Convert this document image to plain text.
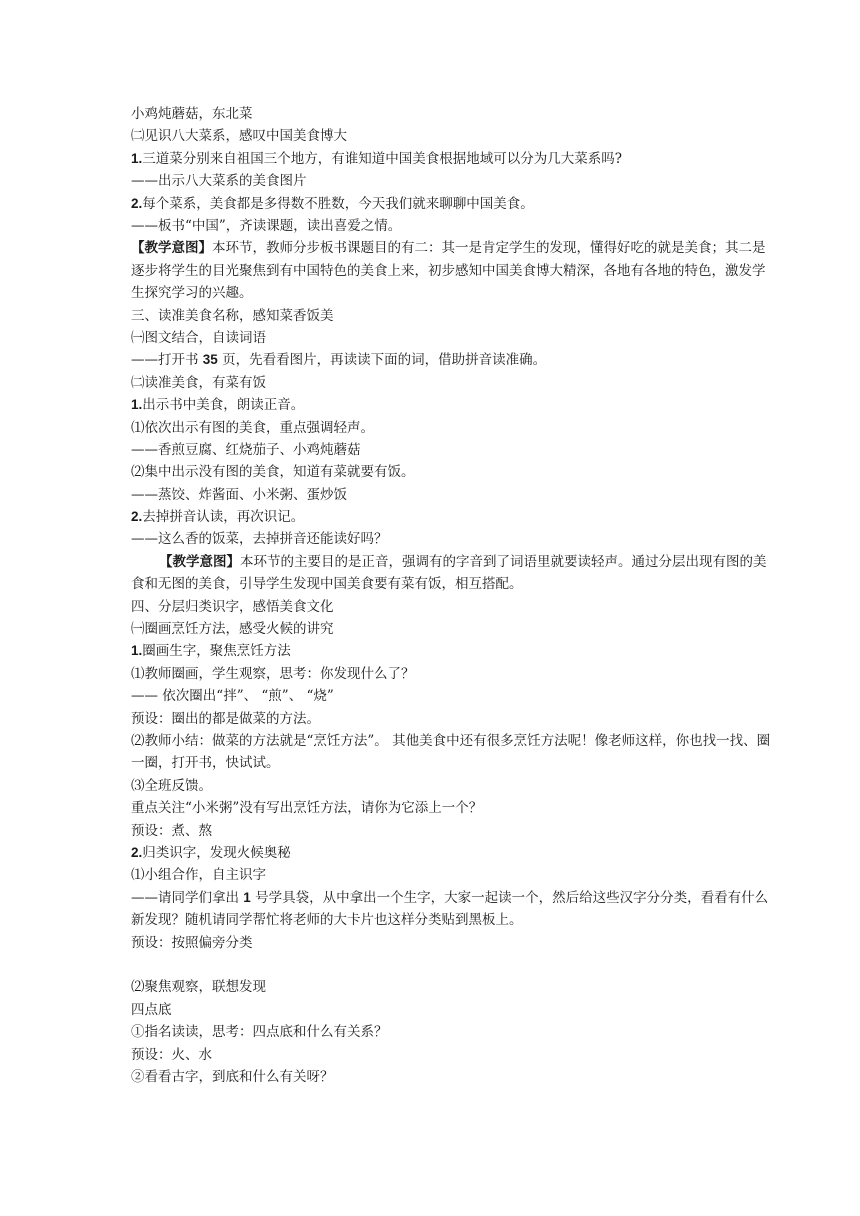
小鸡炖蘑菇，东北菜
㈡见识八大菜系，感叹中国美食博大
1.三道菜分别来自祖国三个地方，有谁知道中国美食根据地域可以分为几大菜系吗?
——出示八大菜系的美食图片
2.每个菜系，美食都是多得数不胜数，今天我们就来聊聊中国美食。
——板书“中国”，齐读课题，读出喜爱之情。
【教学意图】本环节，教师分步板书课题目的有二：其一是肯定学生的发现，懂得好吃的就是美食；其二是逐步将学生的目光聚焦到有中国特色的美食上来，初步感知中国美食博大精深，各地有各地的特色，激发学生探究学习的兴趣。
三、读准美食名称，感知菜香饭美
㈠图文结合，自读词语
——打开书 35 页，先看看图片，再读读下面的词，借助拼音读准确。
㈡读准美食，有菜有饭
1.出示书中美食，朗读正音。
⑴依次出示有图的美食，重点强调轻声。
——香煎豆腐、红烧茄子、小鸡炖蘑菇
⑵集中出示没有图的美食，知道有菜就要有饭。
——蒸饺、炸酱面、小米粥、蛋炒饭
2.去掉拼音认读，再次识记。
——这么香的饭菜，去掉拼音还能读好吗？
【教学意图】本环节的主要目的是正音，强调有的字音到了词语里就要读轻声。通过分层出现有图的美食和无图的美食，引导学生发现中国美食要有菜有饭，相互搭配。
四、分层归类识字，感悟美食文化
㈠圈画烹饪方法，感受火候的讲究
1.圈画生字，聚焦烹饪方法
⑴教师圈画，学生观察，思考：你发现什么了？
—— 依次圈出“拌”、 “煎”、 “烧”
预设：圈出的都是做菜的方法。
⑵教师小结：做菜的方法就是“烹饪方法”。 其他美食中还有很多烹饪方法呢！像老师这样，你也找一找、圈一圈，打开书，快试试。
⑶全班反馈。
重点关注“小米粥”没有写出烹饪方法，请你为它添上一个？
预设：煮、熬
2.归类识字，发现火候奥秘
⑴小组合作，自主识字
——请同学们拿出 1 号学具袋，从中拿出一个生字，大家一起读一个，然后给这些汉字分分类，看看有什么新发现？随机请同学帮忙将老师的大卡片也这样分类贴到黑板上。
预设：按照偏旁分类
⑵聚焦观察，联想发现
四点底
①指名读读，思考：四点底和什么有关系？
预设：火、水
②看看古字，到底和什么有关呀？
